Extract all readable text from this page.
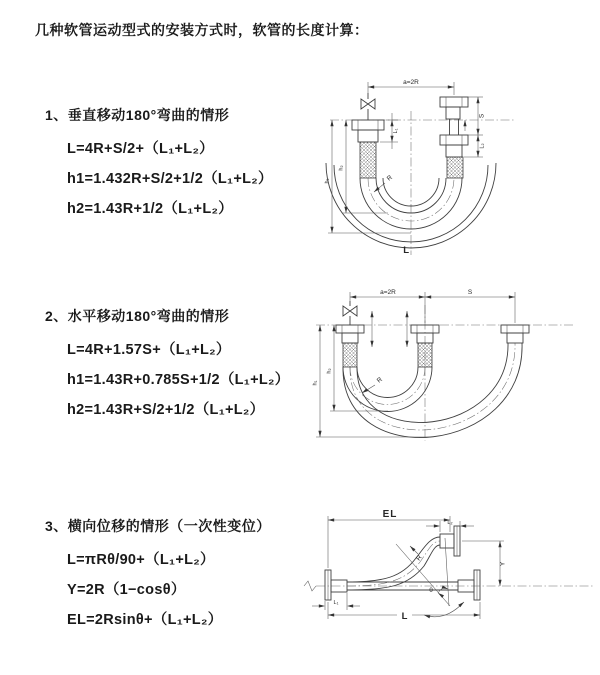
几种软管运动型式的安装方式时，软管的长度计算：
1、垂直移动180°弯曲的情形
L=4R+S/2+（L₁+L₂）
h1=1.432R+S/2+1/2（L₁+L₂）
h2=1.43R+1/2（L₁+L₂）
2、水平移动180°弯曲的情形
L=4R+1.57S+（L₁+L₂）
h1=1.43R+0.785S+1/2（L₁+L₂）
h2=1.43R+S/2+1/2（L₁+L₂）
3、横向位移的情形（一次性变位）
L=πRθ/90+（L₁+L₂）
Y=2R（1−cosθ）
EL=2Rsinθ+（L₁+L₂）
a=2R
L₁
S
L₂
h₂
h₁	R
L
a=2R	S
h₂
h₁	R
θ
R
EL
L₂
Y
L₁
L
